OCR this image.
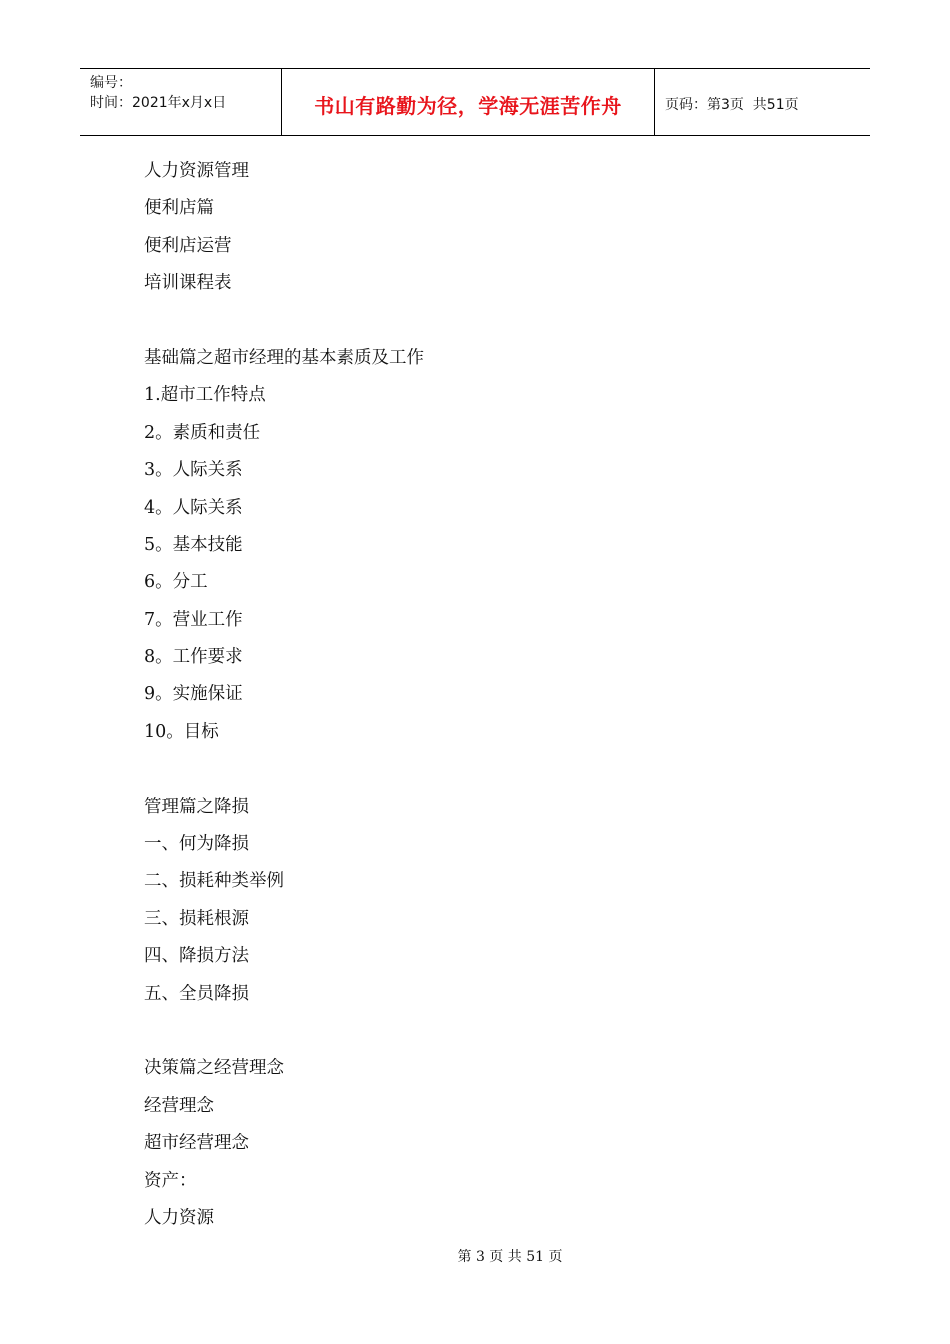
编号：
时间：2021年x月x日	书山有路勤为径，学海无涯苦作舟	页码：第3页  共51页
人力资源管理
便利店篇
便利店运营
培训课程表
基础篇之超市经理的基本素质及工作
1.超市工作特点
2。素质和责任
3。人际关系
4。人际关系
5。基本技能
6。分工
7。营业工作
8。工作要求
9。实施保证
10。目标
管理篇之降损
一、何为降损
二、损耗种类举例
三、损耗根源
四、降损方法
五、全员降损
决策篇之经营理念
经营理念
超市经营理念
资产：
人力资源
第 3 页 共 51 页
